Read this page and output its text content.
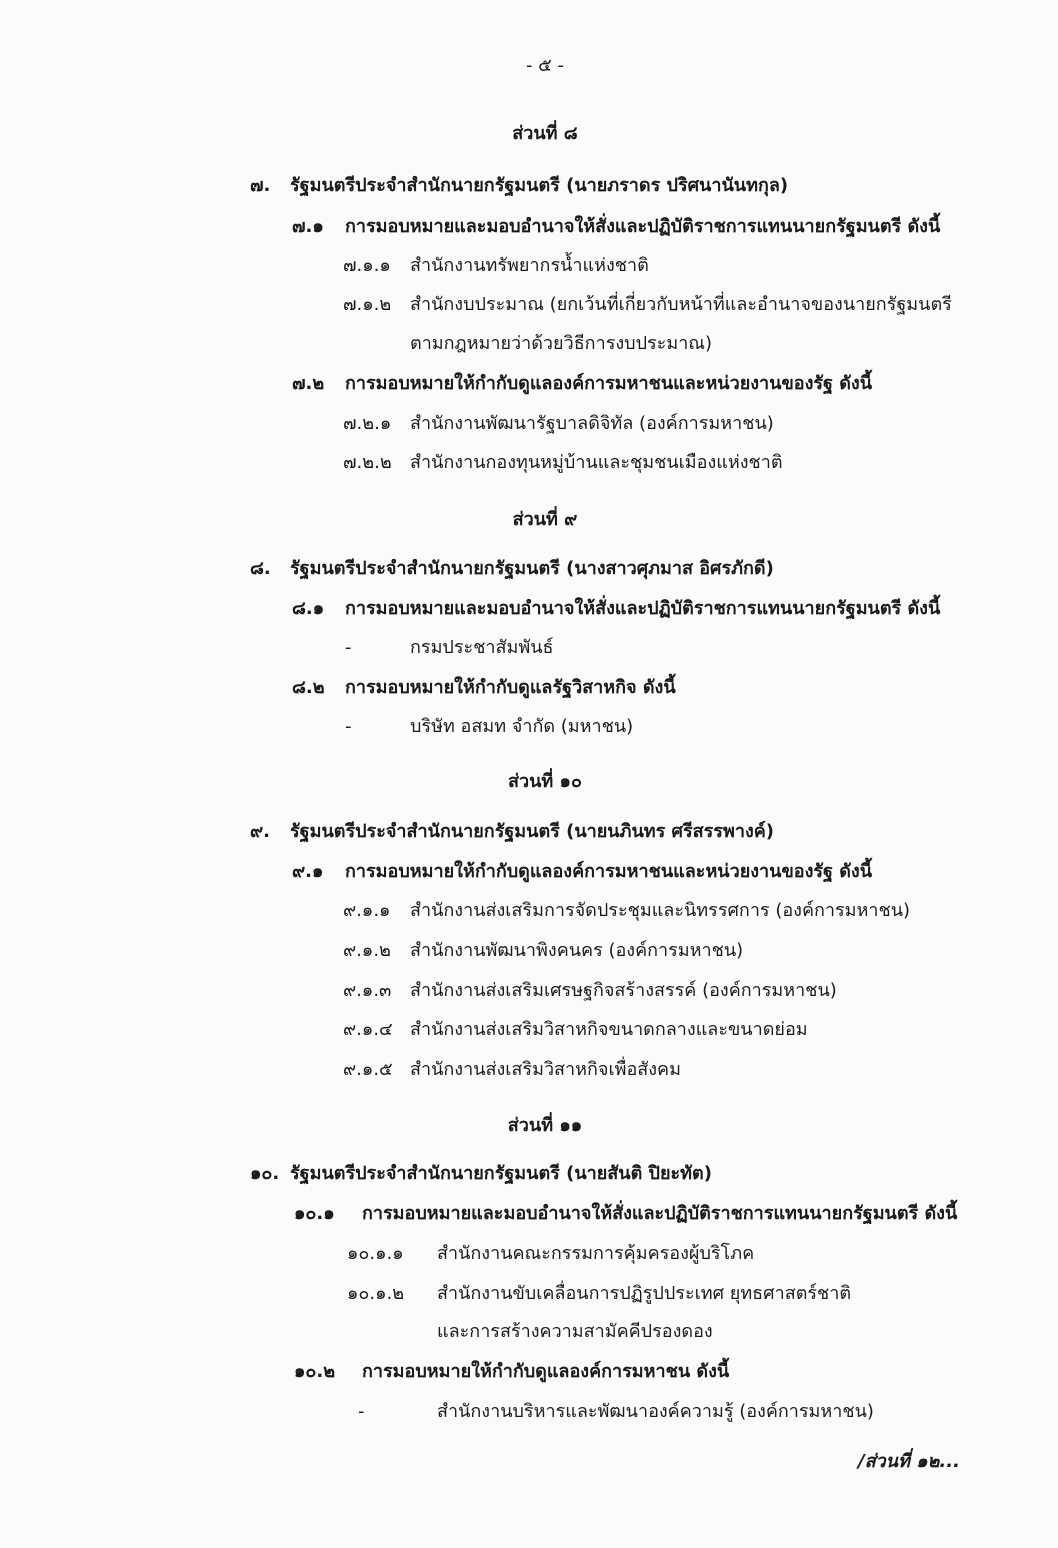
- ๕ -
ส่วนที่ ๘
๗. รัฐมนตรีประจำสำนักนายกรัฐมนตรี (นายภราดร ปริศนานันทกุล)
๗.๑ การมอบหมายและมอบอำนาจให้สั่งและปฏิบัติราชการแทนนายกรัฐมนตรี ดังนี้
๗.๑.๑ สำนักงานทรัพยากรน้ำแห่งชาติ
๗.๑.๒ สำนักงบประมาณ (ยกเว้นที่เกี่ยวกับหน้าที่และอำนาจของนายกรัฐมนตรี
ตามกฎหมายว่าด้วยวิธีการงบประมาณ)
๗.๒ การมอบหมายให้กำกับดูแลองค์การมหาชนและหน่วยงานของรัฐ ดังนี้
๗.๒.๑ สำนักงานพัฒนารัฐบาลดิจิทัล (องค์การมหาชน)
๗.๒.๒ สำนักงานกองทุนหมู่บ้านและชุมชนเมืองแห่งชาติ
ส่วนที่ ๙
๘. รัฐมนตรีประจำสำนักนายกรัฐมนตรี (นางสาวศุภมาส อิศรภักดี)
๘.๑ การมอบหมายและมอบอำนาจให้สั่งและปฏิบัติราชการแทนนายกรัฐมนตรี ดังนี้
-	กรมประชาสัมพันธ์
๘.๒ การมอบหมายให้กำกับดูแลรัฐวิสาหกิจ ดังนี้
-	บริษัท อสมท จำกัด (มหาชน)
ส่วนที่ ๑๐
๙. รัฐมนตรีประจำสำนักนายกรัฐมนตรี (นายนภินทร ศรีสรรพางค์)
๙.๑ การมอบหมายให้กำกับดูแลองค์การมหาชนและหน่วยงานของรัฐ ดังนี้
๙.๑.๑ สำนักงานส่งเสริมการจัดประชุมและนิทรรศการ (องค์การมหาชน)
๙.๑.๒ สำนักงานพัฒนาพิงคนคร (องค์การมหาชน)
๙.๑.๓ สำนักงานส่งเสริมเศรษฐกิจสร้างสรรค์ (องค์การมหาชน)
๙.๑.๔ สำนักงานส่งเสริมวิสาหกิจขนาดกลางและขนาดย่อม
๙.๑.๕ สำนักงานส่งเสริมวิสาหกิจเพื่อสังคม
ส่วนที่ ๑๑
๑๐. รัฐมนตรีประจำสำนักนายกรัฐมนตรี (นายสันติ ปิยะทัต)
๑๐.๑ การมอบหมายและมอบอำนาจให้สั่งและปฏิบัติราชการแทนนายกรัฐมนตรี ดังนี้
๑๐.๑.๑ สำนักงานคณะกรรมการคุ้มครองผู้บริโภค
๑๐.๑.๒ สำนักงานขับเคลื่อนการปฏิรูปประเทศ ยุทธศาสตร์ชาติ
และการสร้างความสามัคคีปรองดอง
๑๐.๒ การมอบหมายให้กำกับดูแลองค์การมหาชน ดังนี้
-	สำนักงานบริหารและพัฒนาองค์ความรู้ (องค์การมหาชน)
/ส่วนที่ ๑๒...
